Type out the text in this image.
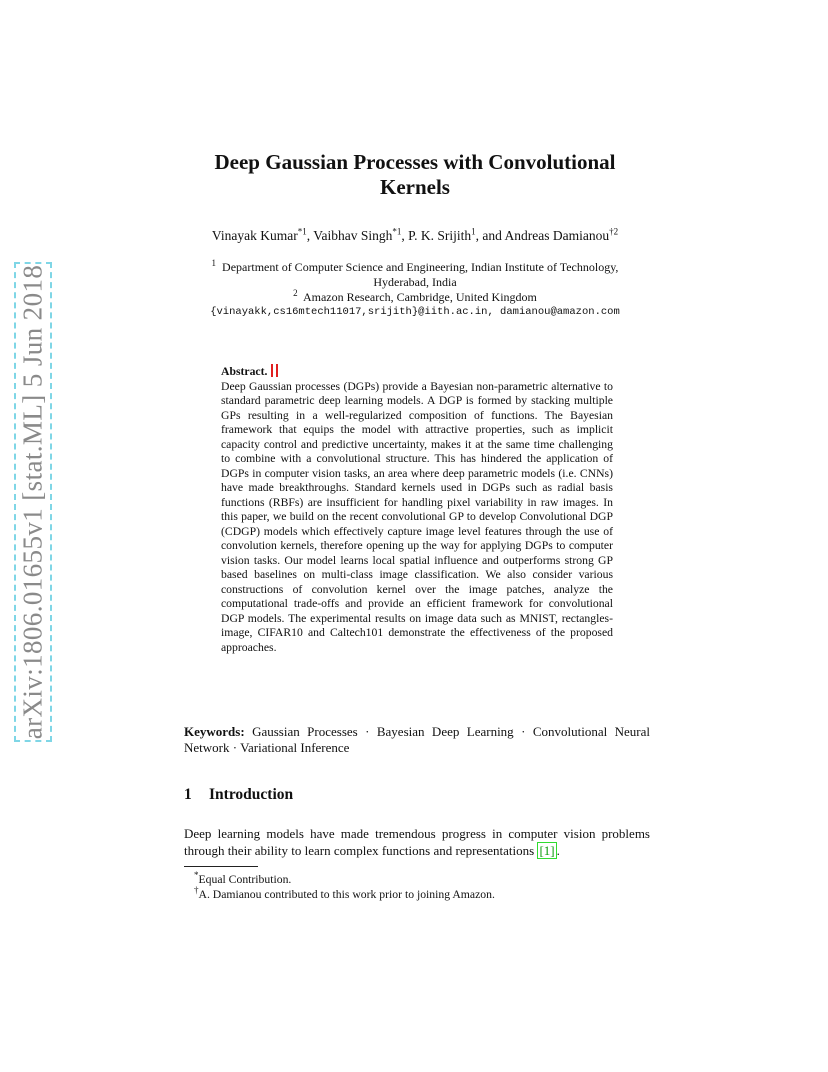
arXiv:1806.01655v1 [stat.ML] 5 Jun 2018
Deep Gaussian Processes with Convolutional
Kernels
Vinayak Kumar$^{*1}$, Vaibhav Singh$^{*1}$, P. K. Srijith$^1$, and Andreas Damianou$^{\dagger 2}$
$^1$ Department of Computer Science and Engineering, Indian Institute of Technology,
Hyderabad, India
$^2$ Amazon Research, Cambridge, United Kingdom
{vinayakk,cs16mtech11017,srijith}@iith.ac.in, damianou@amazon.com
Abstract.
Deep Gaussian processes (DGPs) provide a Bayesian non-parametric alternative to standard parametric deep learning models. A DGP is formed by stacking multiple GPs resulting in a well-regularized composition of functions. The Bayesian framework that equips the model with attractive properties, such as implicit capacity control and predictive uncertainty, makes it at the same time challenging to combine with a convolutional structure. This has hindered the application of DGPs in computer vision tasks, an area where deep parametric models (i.e. CNNs) have made breakthroughs. Standard kernels used in DGPs such as radial basis functions (RBFs) are insufficient for handling pixel variability in raw images. In this paper, we build on the recent convolutional GP to develop Convolutional DGP (CDGP) models which effectively capture image level features through the use of convolution kernels, therefore opening up the way for applying DGPs to computer vision tasks. Our model learns local spatial influence and outperforms strong GP based baselines on multi-class image classification. We also consider various constructions of convolution kernel over the image patches, analyze the computational trade-offs and provide an efficient framework for convolutional DGP models. The experimental results on image data such as MNIST, rectangles-image, CIFAR10 and Caltech101 demonstrate the effectiveness of the proposed approaches.
Keywords: Gaussian Processes · Bayesian Deep Learning · Convolutional Neural Network · Variational Inference
1 Introduction
Deep learning models have made tremendous progress in computer vision problems through their ability to learn complex functions and representations [1] .
*Equal Contribution.
†A. Damianou contributed to this work prior to joining Amazon.
